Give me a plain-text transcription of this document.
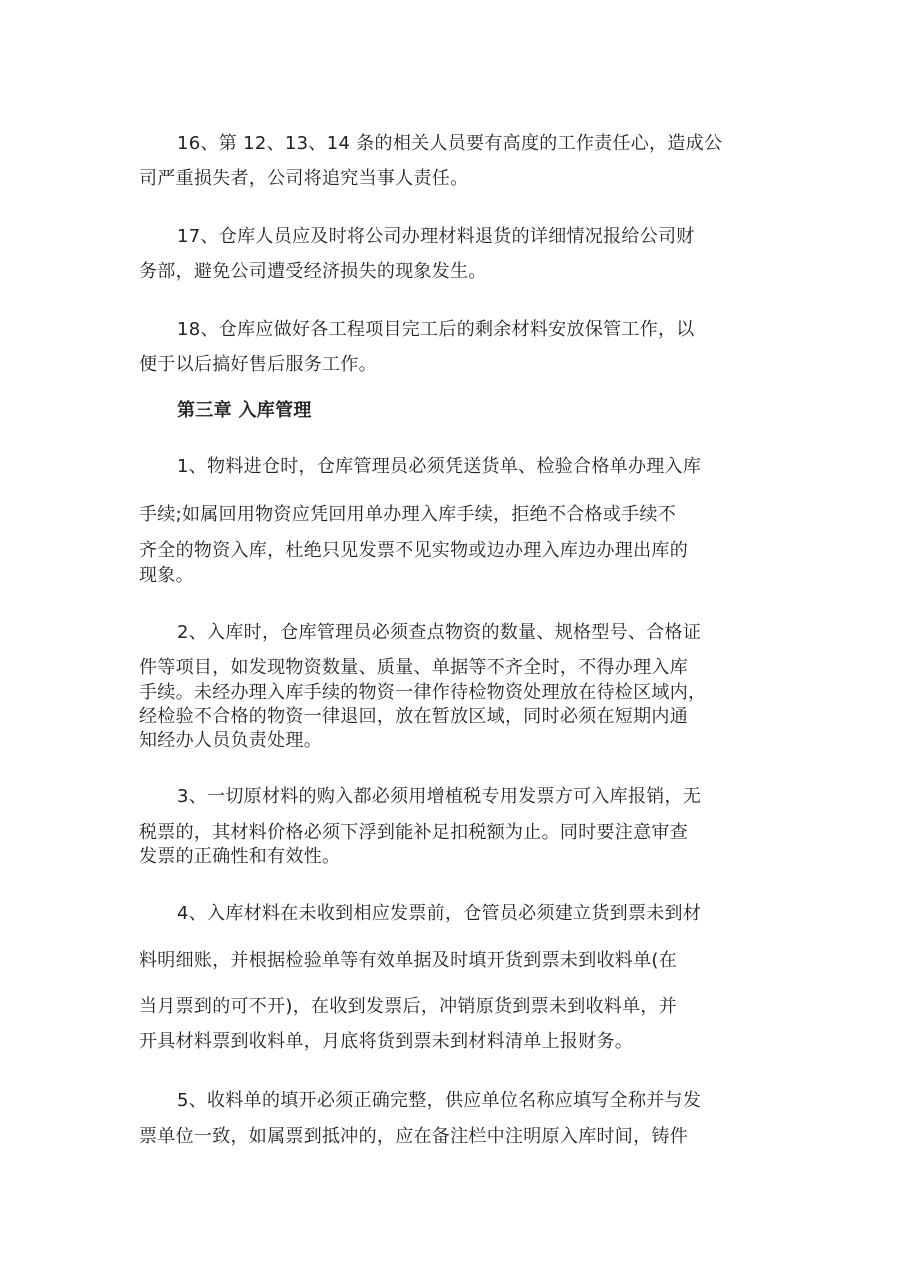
16、第 12、13、14 条的相关人员要有高度的工作责任心，造成公
司严重损失者，公司将追究当事人责任。
17、仓库人员应及时将公司办理材料退货的详细情况报给公司财
务部，避免公司遭受经济损失的现象发生。
18、仓库应做好各工程项目完工后的剩余材料安放保管工作，以
便于以后搞好售后服务工作。
第三章 入库管理
1、物料进仓时，仓库管理员必须凭送货单、检验合格单办理入库
手续;如属回用物资应凭回用单办理入库手续，拒绝不合格或手续不
齐全的物资入库，杜绝只见发票不见实物或边办理入库边办理出库的
现象。
2、入库时，仓库管理员必须查点物资的数量、规格型号、合格证
件等项目，如发现物资数量、质量、单据等不齐全时，不得办理入库
手续。未经办理入库手续的物资一律作待检物资处理放在待检区域内，
经检验不合格的物资一律退回，放在暂放区域，同时必须在短期内通
知经办人员负责处理。
3、一切原材料的购入都必须用增植税专用发票方可入库报销，无
税票的，其材料价格必须下浮到能补足扣税额为止。同时要注意审查
发票的正确性和有效性。
4、入库材料在未收到相应发票前，仓管员必须建立货到票未到材
料明细账，并根据检验单等有效单据及时填开货到票未到收料单(在
当月票到的可不开)，在收到发票后，冲销原货到票未到收料单，并
开具材料票到收料单，月底将货到票未到材料清单上报财务。
5、收料单的填开必须正确完整，供应单位名称应填写全称并与发
票单位一致，如属票到抵冲的，应在备注栏中注明原入库时间，铸件
